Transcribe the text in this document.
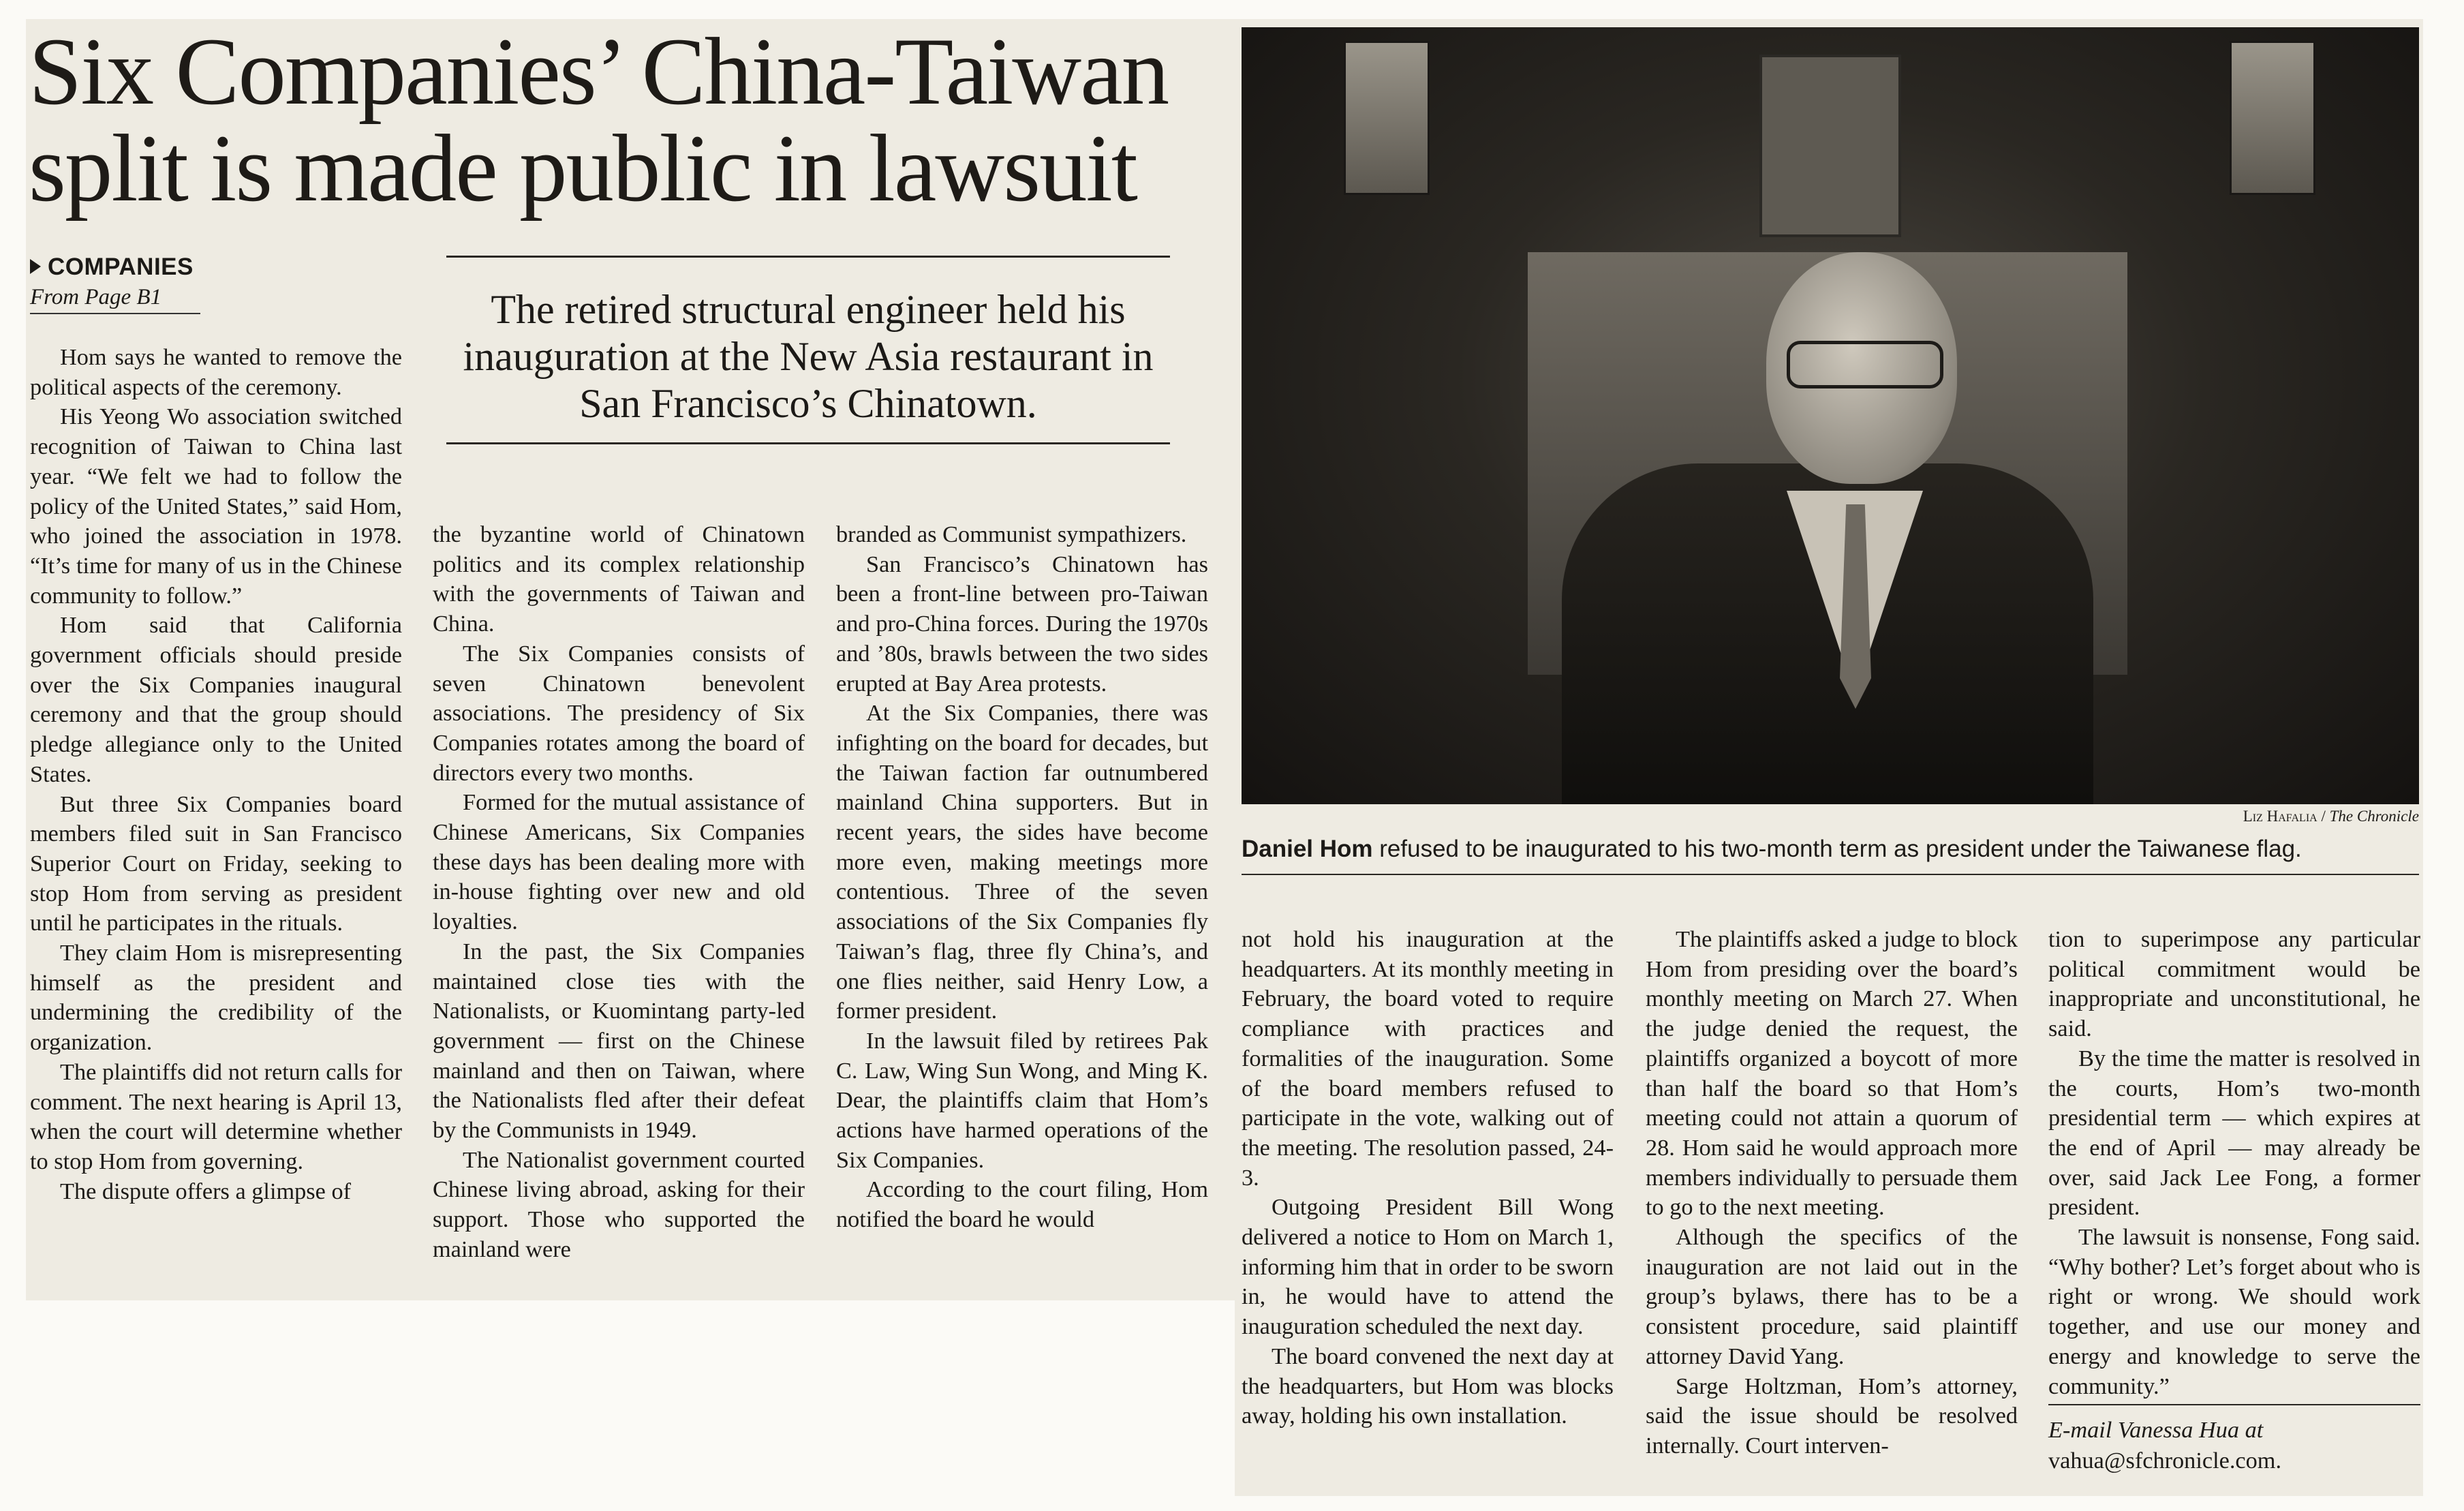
Six Companies’ China-Taiwan
split is made public in lawsuit
COMPANIES
From Page B1	The retired structural engineer held his inauguration at the New Asia restaurant in San Francisco’s Chinatown.

Hom says he wanted to remove the political aspects of the ceremony.

His Yeong Wo association switched recognition of Taiwan to China last year. “We felt we had to follow the policy of the United States,” said Hom, who joined the association in 1978. “It’s time for many of us in the Chinese community to follow.”

Hom said that California government officials should preside over the Six Companies inaugural ceremony and that the group should pledge allegiance only to the United States.

But three Six Companies board members filed suit in San Francisco Superior Court on Friday, seeking to stop Hom from serving as president until he participates in the rituals.

They claim Hom is misrepresenting himself as the president and undermining the credibility of the organization.

The plaintiffs did not return calls for comment. The next hearing is April 13, when the court will determine whether to stop Hom from governing.

The dispute offers a glimpse of

the byzantine world of Chinatown politics and its complex relationship with the governments of Taiwan and China.

The Six Companies consists of seven Chinatown benevolent associations. The presidency of Six Companies rotates among the board of directors every two months.

Formed for the mutual assistance of Chinese Americans, Six Companies these days has been dealing more with in-house fighting over new and old loyalties.

In the past, the Six Companies maintained close ties with the Nationalists, or Kuomintang party-led government — first on the Chinese mainland and then on Taiwan, where the Nationalists fled after their defeat by the Communists in 1949.

The Nationalist government courted Chinese living abroad, asking for their support. Those who supported the mainland were

branded as Communist sympathizers.

San Francisco’s Chinatown has been a front-line between pro-Taiwan and pro-China forces. During the 1970s and ’80s, brawls between the two sides erupted at Bay Area protests.

At the Six Companies, there was infighting on the board for decades, but the Taiwan faction far outnumbered mainland China supporters. But in recent years, the sides have become more even, making meetings more contentious. Three of the seven associations of the Six Companies fly Taiwan’s flag, three fly China’s, and one flies neither, said Henry Low, a former president.

In the lawsuit filed by retirees Pak C. Law, Wing Sun Wong, and Ming K. Dear, the plaintiffs claim that Hom’s actions have harmed operations of the Six Companies.

According to the court filing, Hom notified the board he would

Liz Hafalia / The Chronicle
Daniel Hom refused to be inaugurated to his two-month term as president under the Taiwanese flag.

not hold his inauguration at the headquarters. At its monthly meeting in February, the board voted to require compliance with practices and formalities of the inauguration. Some of the board members refused to participate in the vote, walking out of the meeting. The resolution passed, 24-3.

Outgoing President Bill Wong delivered a notice to Hom on March 1, informing him that in order to be sworn in, he would have to attend the inauguration scheduled the next day.

The board convened the next day at the headquarters, but Hom was blocks away, holding his own installation.

The plaintiffs asked a judge to block Hom from presiding over the board’s monthly meeting on March 27. When the judge denied the request, the plaintiffs organized a boycott of more than half the board so that Hom’s meeting could not attain a quorum of 28. Hom said he would approach more members individually to persuade them to go to the next meeting.

Although the specifics of the inauguration are not laid out in the group’s bylaws, there has to be a consistent procedure, said plaintiff attorney David Yang.

Sarge Holtzman, Hom’s attorney, said the issue should be resolved internally. Court interven-

tion to superimpose any particular political commitment would be inappropriate and unconstitutional, he said.

By the time the matter is resolved in the courts, Hom’s two-month presidential term — which expires at the end of April — may already be over, said Jack Lee Fong, a former president.

The lawsuit is nonsense, Fong said. “Why bother? Let’s forget about who is right or wrong. We should work together, and use our money and energy and knowledge to serve the community.”

E-mail Vanessa Hua at
vahua@sfchronicle.com.
